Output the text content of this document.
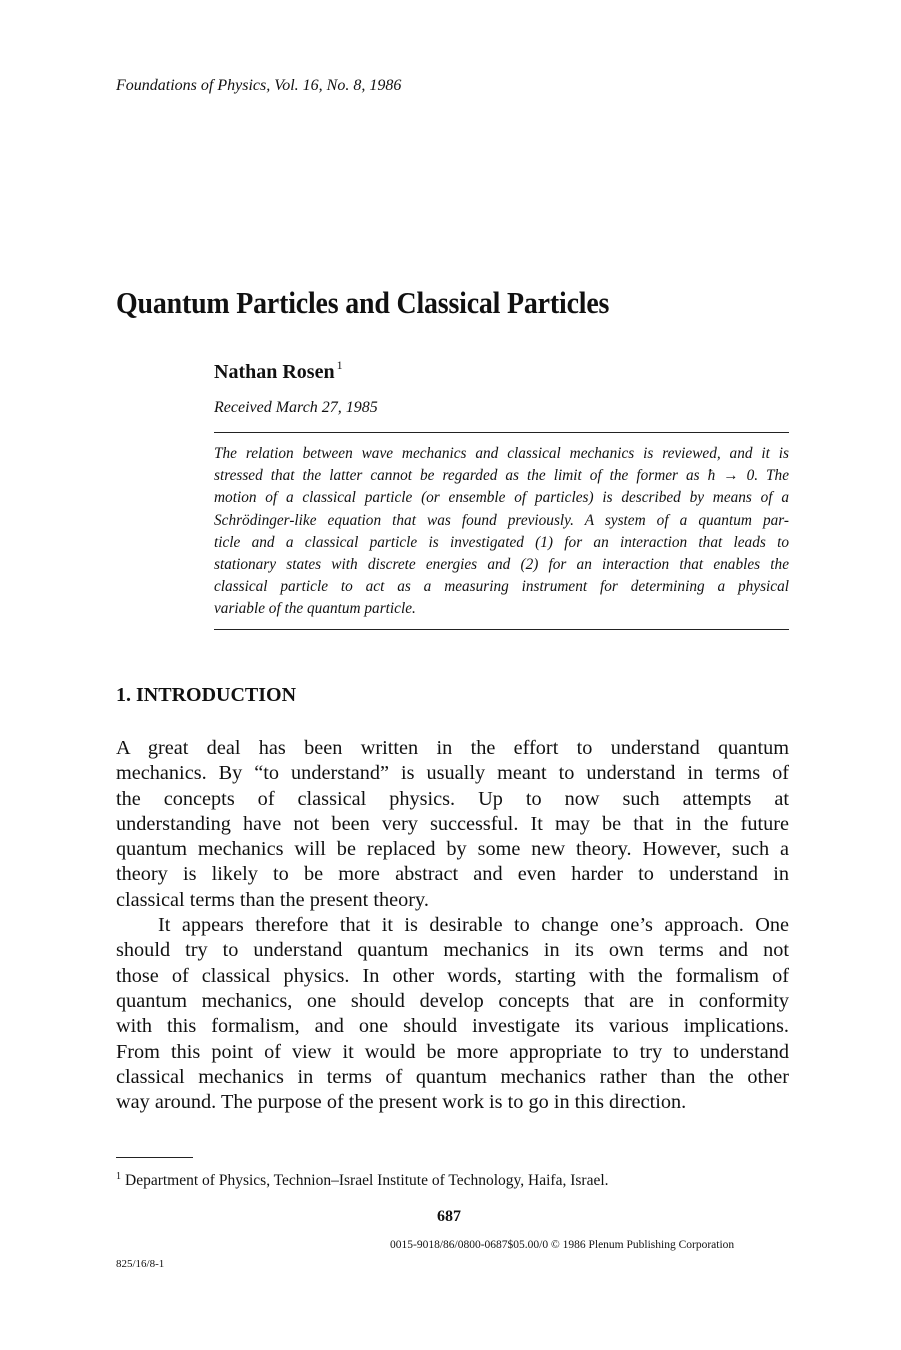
Foundations of Physics, Vol. 16, No. 8, 1986
Quantum Particles and Classical Particles
Nathan Rosen $^1$
Received March 27, 1985
The relation between wave mechanics and classical mechanics is reviewed, and it is
stressed that the latter cannot be regarded as the limit of the former as ħ → 0. The
motion of a classical particle (or ensemble of particles) is described by means of a
Schrödinger-like equation that was found previously. A system of a quantum par-
ticle and a classical particle is investigated (1) for an interaction that leads to
stationary states with discrete energies and (2) for an interaction that enables the
classical particle to act as a measuring instrument for determining a physical
variable of the quantum particle.
1. INTRODUCTION
A great deal has been written in the effort to understand quantum
mechanics. By “to understand” is usually meant to understand in terms of
the concepts of classical physics. Up to now such attempts at
understanding have not been very successful. It may be that in the future
quantum mechanics will be replaced by some new theory. However, such a
theory is likely to be more abstract and even harder to understand in
classical terms than the present theory.
It appears therefore that it is desirable to change one’s approach. One
should try to understand quantum mechanics in its own terms and not
those of classical physics. In other words, starting with the formalism of
quantum mechanics, one should develop concepts that are in conformity
with this formalism, and one should investigate its various implications.
From this point of view it would be more appropriate to try to understand
classical mechanics in terms of quantum mechanics rather than the other
way around. The purpose of the present work is to go in this direction.
$^1$ Department of Physics, Technion–Israel Institute of Technology, Haifa, Israel.
687
0015-9018/86/0800-0687$05.00/0 © 1986 Plenum Publishing Corporation
825/16/8-1
